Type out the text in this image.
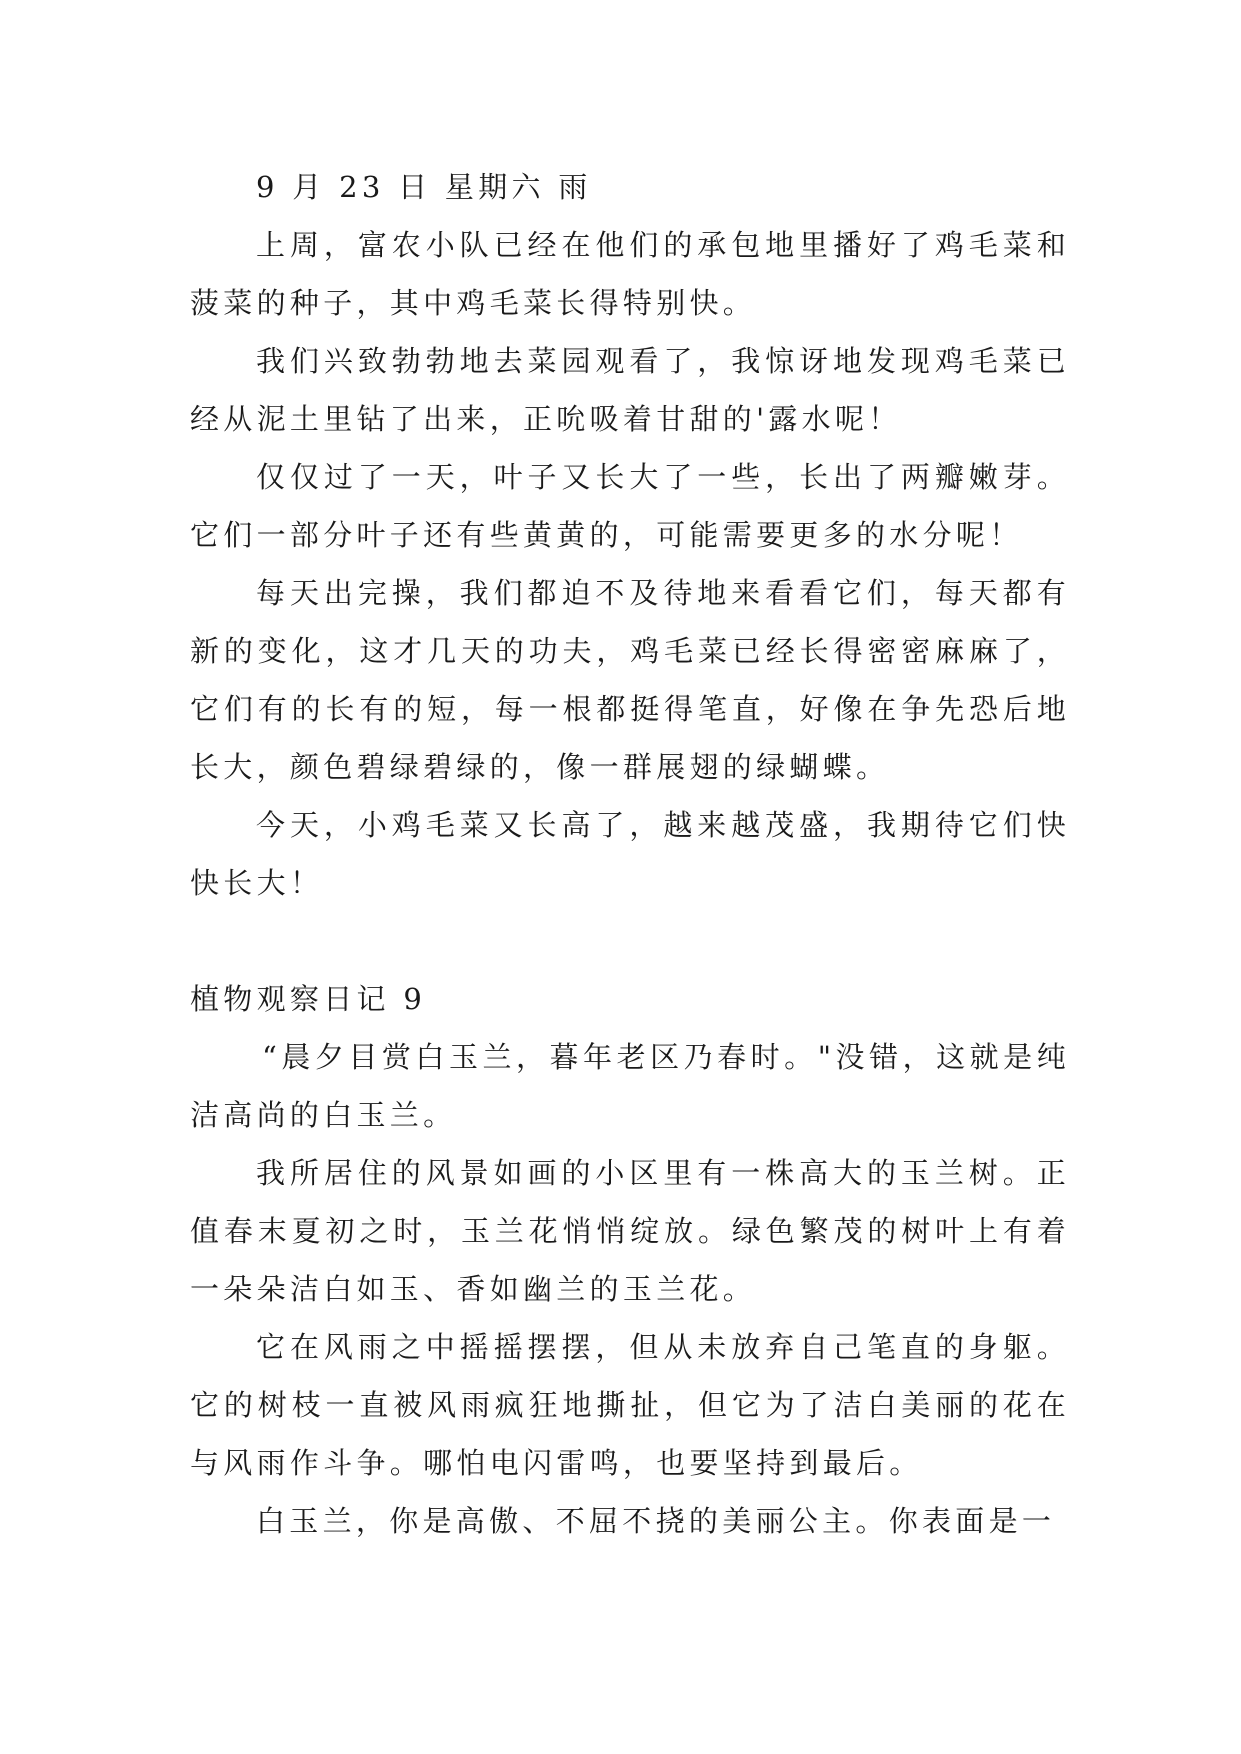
9 月 23 日 星期六 雨

上周，富农小队已经在他们的承包地里播好了鸡毛菜和菠菜的种子，其中鸡毛菜长得特别快。

我们兴致勃勃地去菜园观看了，我惊讶地发现鸡毛菜已经从泥土里钻了出来，正吮吸着甘甜的'露水呢！

仅仅过了一天，叶子又长大了一些，长出了两瓣嫩芽。它们一部分叶子还有些黄黄的，可能需要更多的水分呢！

每天出完操，我们都迫不及待地来看看它们，每天都有新的变化，这才几天的功夫，鸡毛菜已经长得密密麻麻了，它们有的长有的短，每一根都挺得笔直，好像在争先恐后地长大，颜色碧绿碧绿的，像一群展翅的绿蝴蝶。

今天，小鸡毛菜又长高了，越来越茂盛，我期待它们快快长大！

植物观察日记 9

“晨夕目赏白玉兰，暮年老区乃春时。"没错，这就是纯洁高尚的白玉兰。

我所居住的风景如画的小区里有一株高大的玉兰树。正值春末夏初之时，玉兰花悄悄绽放。绿色繁茂的树叶上有着一朵朵洁白如玉、香如幽兰的玉兰花。

它在风雨之中摇摇摆摆，但从未放弃自己笔直的身躯。它的树枝一直被风雨疯狂地撕扯，但它为了洁白美丽的花在与风雨作斗争。哪怕电闪雷鸣，也要坚持到最后。

白玉兰，你是高傲、不屈不挠的美丽公主。你表面是一
